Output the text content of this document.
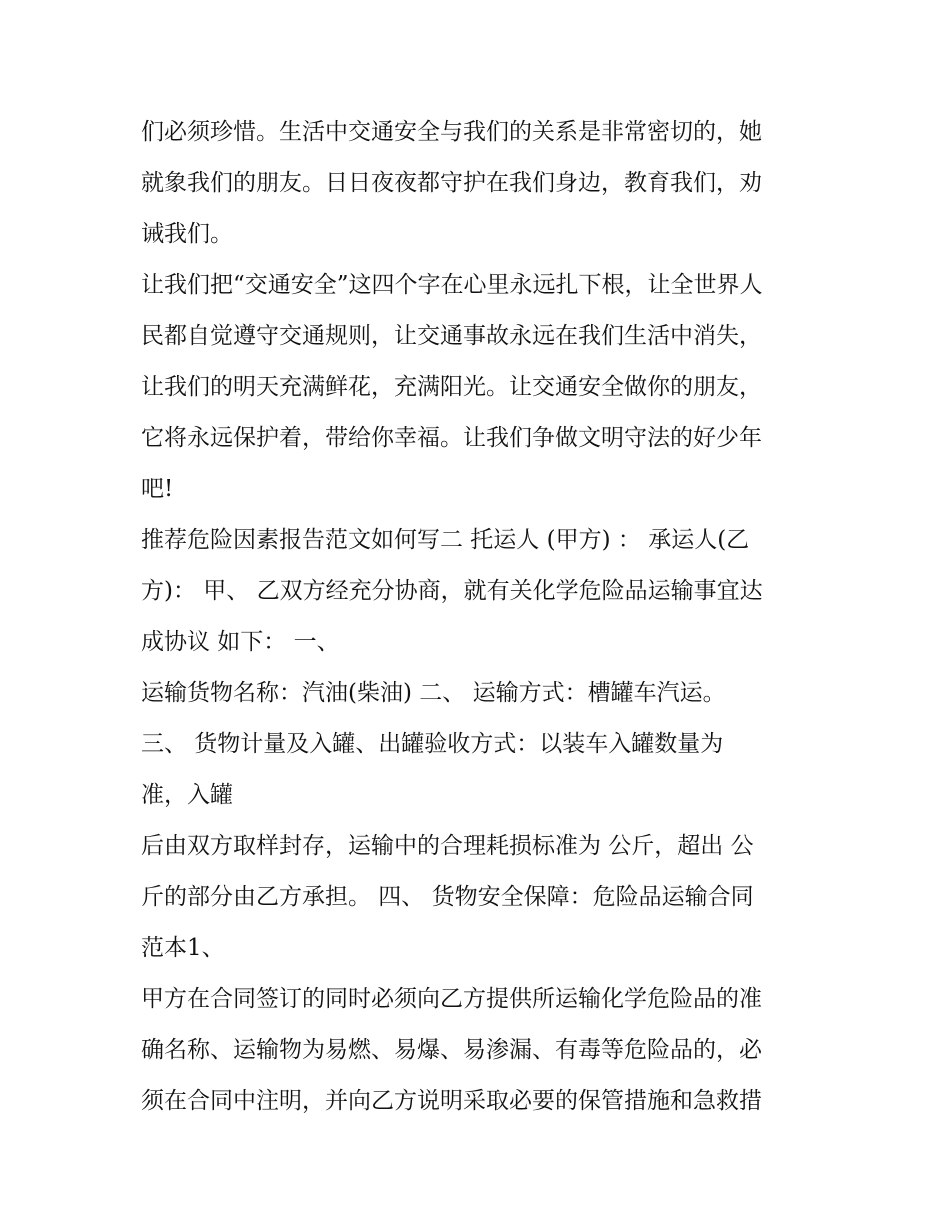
们必须珍惜。生活中交通安全与我们的关系是非常密切的，她
就象我们的朋友。日日夜夜都守护在我们身边，教育我们，劝
诫我们。
让我们把“交通安全”这四个字在心里永远扎下根，让全世界人
民都自觉遵守交通规则，让交通事故永远在我们生活中消失，
让我们的明天充满鲜花，充满阳光。让交通安全做你的朋友，
它将永远保护着，带给你幸福。让我们争做文明守法的好少年
吧!
推荐危险因素报告范文如何写二 托运人 (甲方) ： 承运人(乙
方)： 甲、 乙双方经充分协商，就有关化学危险品运输事宜达
成协议 如下： 一、
运输货物名称：汽油(柴油) 二、 运输方式：槽罐车汽运。
三、 货物计量及入罐、出罐验收方式：以装车入罐数量为
准，入罐
后由双方取样封存，运输中的合理耗损标准为 公斤，超出 公
斤的部分由乙方承担。 四、 货物安全保障：危险品运输合同
范本1、
甲方在合同签订的同时必须向乙方提供所运输化学危险品的准
确名称、运输物为易燃、易爆、易渗漏、有毒等危险品的，必
须在合同中注明，并向乙方说明采取必要的保管措施和急救措
